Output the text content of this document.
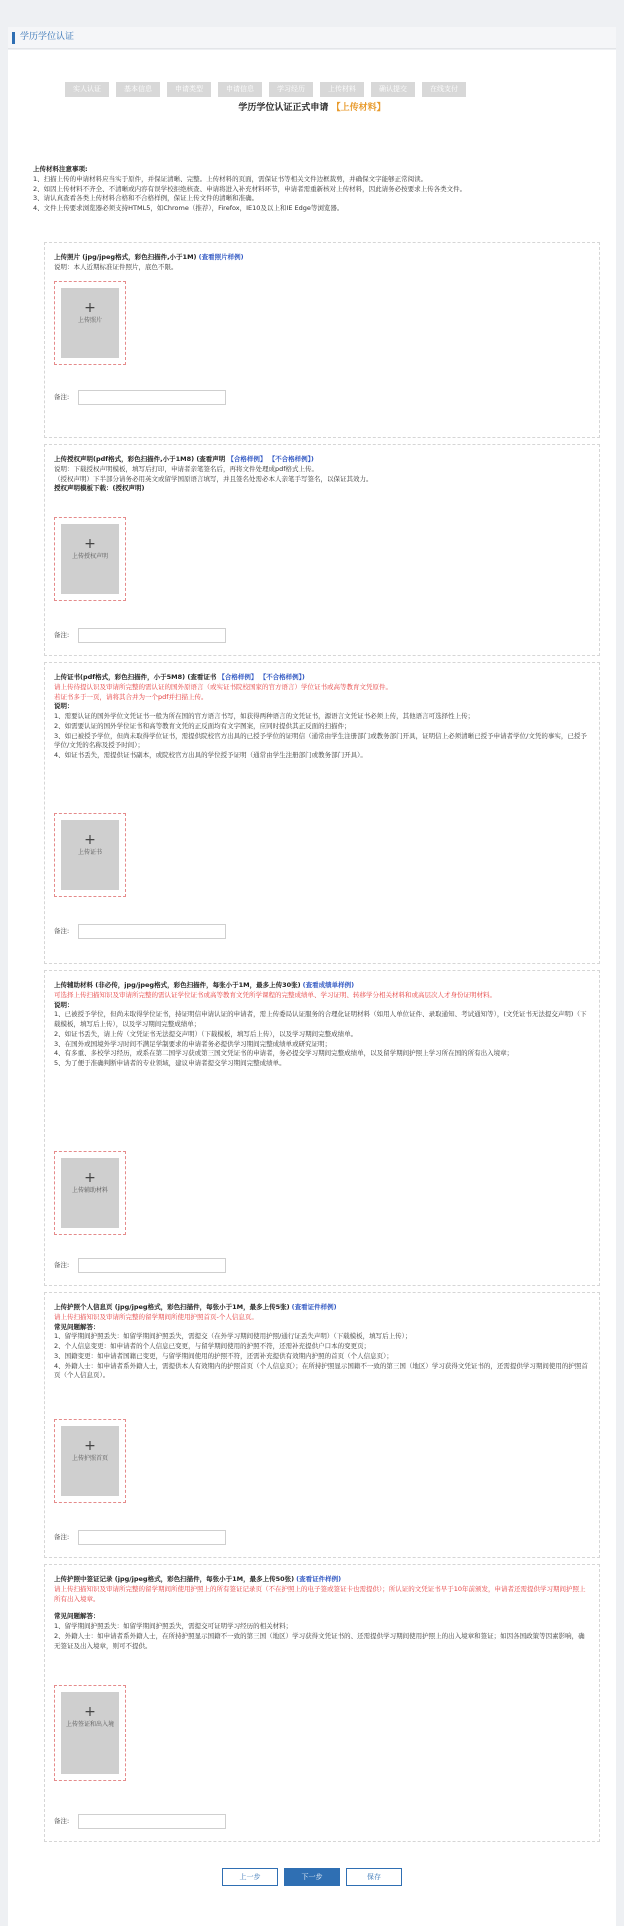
学历学位认证
实人认证	基本信息	申请类型	申请信息	学习经历	上传材料	确认提交	在线支付
学历学位认证正式申请 【上传材料】
上传材料注意事项:
1、扫描上传的申请材料应当实于原件，并保证清晰、完整。上传材料的页面，需保证书等相关文件边框裁剪，并确保文字能够正常阅读。
2、如因上传材料不齐全、不清晰或内容有误学校拒绝核查、申请将进入补充材料环节，申请者需重新核对上传材料，因此请务必按要求上传各类文件。
3、请认真查看各类上传材料合格和不合格样例，保证上传文件的清晰和准确。
4、文件上传要求浏览器必须支持HTML5，如Chrome（推荐），Firefox，IE10及以上和IE Edge等浏览器。
上传照片 (jpg/jpeg格式，彩色扫描件,小于1M) (查看照片样例)
说明：本人近期标准证件照片，底色不限。
+
上传照片
备注:
上传授权声明(pdf格式，彩色扫描件,小于1M8) (查看声明 【合格样例】 【不合格样例】)
说明：下载授权声明模板，填写后打印，申请者亲笔签名后，再将文件处理成pdf格式上传。
（授权声明）下半部分请务必用英文或留学国原语言填写，并且签名处需必本人亲笔手写签名，以保证其效力。
授权声明模板下载：(授权声明)
+
上传授权声明
备注:
上传证书(pdf格式，彩色扫描件，小于5M8) (查看证书 【合格样例】 【不合格样例】)
请上传待提认识及审请所完整的需认证的国外原语言（或实证书院校国家的官方语言）学位证书或高等教育文凭原件。
若证书多于一页，请将其合并为一个pdf并扫描上传。
说明：
1、需要认证的国外学位文凭证书一般为所在国的官方语言书写，如获得两种语言的文凭证书，源语言文凭证书必须上传，其他语言可选择性上传；
2、如需要认证的国外学位证书和高等教育文凭的正反面均有文字图案，应同时提供其正反面的扫描件；
3、如已被授予学位，但尚未取得学位证书，需提供院校官方出具的已授予学位的证明信（通常由学生注册部门或教务部门开具，证明信上必须清晰已授予申请者学位/文凭的事实，已授予学位/文凭的名称及授予时间）；
4、如证书丢失，需提供证书副本，或院校官方出具的学位授予证明（通常由学生注册部门或教务部门开具）。
+
上传证书
备注:
上传辅助材料 (非必传，jpg/jpeg格式，彩色扫描件，每张小于1M，最多上传30张) (查看成绩单样例)
可选择上传扫描知识及审请所完整的需认证学位证书或高等教育文凭所学课程的完整成绩单、学习证明、转移学分相关材料和或高层次人才身份证明材料。
说明：
1、已被授予学位，但尚未取得学位证书，持证明信申请认证的申请者，需上传委局认证服务的合理化证明材料（如用人单位证件、录取通知、考试通知等），(文凭证书无法提交声明)（下载模板，填写后上传），以及学习期间完整成绩单；
2、如证书丢失，请上传（文凭证书无法提交声明）（下载模板，填写后上传），以及学习期间完整成绩单。
3、在国外或国境外学习时间不满足学制要求的申请者务必提供学习期间完整成绩单或研究证明；
4、有多重、多校学习经历，或系在第二国学习获或第三国文凭证书的申请者，务必提交学习期间完整成绩单，以及留学期间护照上学习所在国的所有出入境章；
5、为了便于准确判断申请者的专业领域，建议申请者提交学习期间完整成绩单。
+
上传辅助材料
备注:
上传护照个人信息页 (jpg/jpeg格式，彩色扫描件，每张小于1M，最多上传5张) (查看证件样例)
请上传扫描知识及审请所完整的留学期间所使用护照首页-个人信息页。
常见问题解答：
1、留学期间护照丢失：如留学期间护照丢失，需提交（在外学习期间使用护照/通行证丢失声明）（下载模板，填写后上传）；
2、个人信息变更：如申请者的个人信息已变更，与留学期间使用的护照不符，还需补充提供户口本的变更页；
3、国籍变更：如申请者国籍已变更，与留学期间使用的护照不符，还需补充提供有效期内护照的首页（个人信息页）；
4、外籍人士：如申请者系外籍人士，需提供本人有效期内的护照首页（个人信息页）；在所持护照显示国籍不一致的第三国（地区）学习获得文凭证书的，还需提供学习期间使用的护照首页（个人信息页）。
+
上传护照首页
备注:
上传护照中签证记录 (jpg/jpeg格式，彩色扫描件，每张小于1M，最多上传50张) (查看证件样例)
请上传扫描知识及审请所完整的留学期间所使用护照上的所有签证记录页（不在护照上的电子签或签证卡也需提供）；所认证的文凭证书早于10年前颁发，申请者还需提供学习期间护照上所有出入境章。
常见问题解答：
1、留学期间护照丢失：如留学期间护照丢失，需提交可证明学习经历的相关材料；
2、外籍人士：如申请者系外籍人士，在所持护照显示国籍不一致的第三国（地区）学习获得文凭证书的、还需提供学习期间使用护照上的出入境章和签证；如因各国政策等因素影响，确无签证及出入境章，则可不提供。
+
上传签证和出入境
备注:
上一步	下一步	保存
